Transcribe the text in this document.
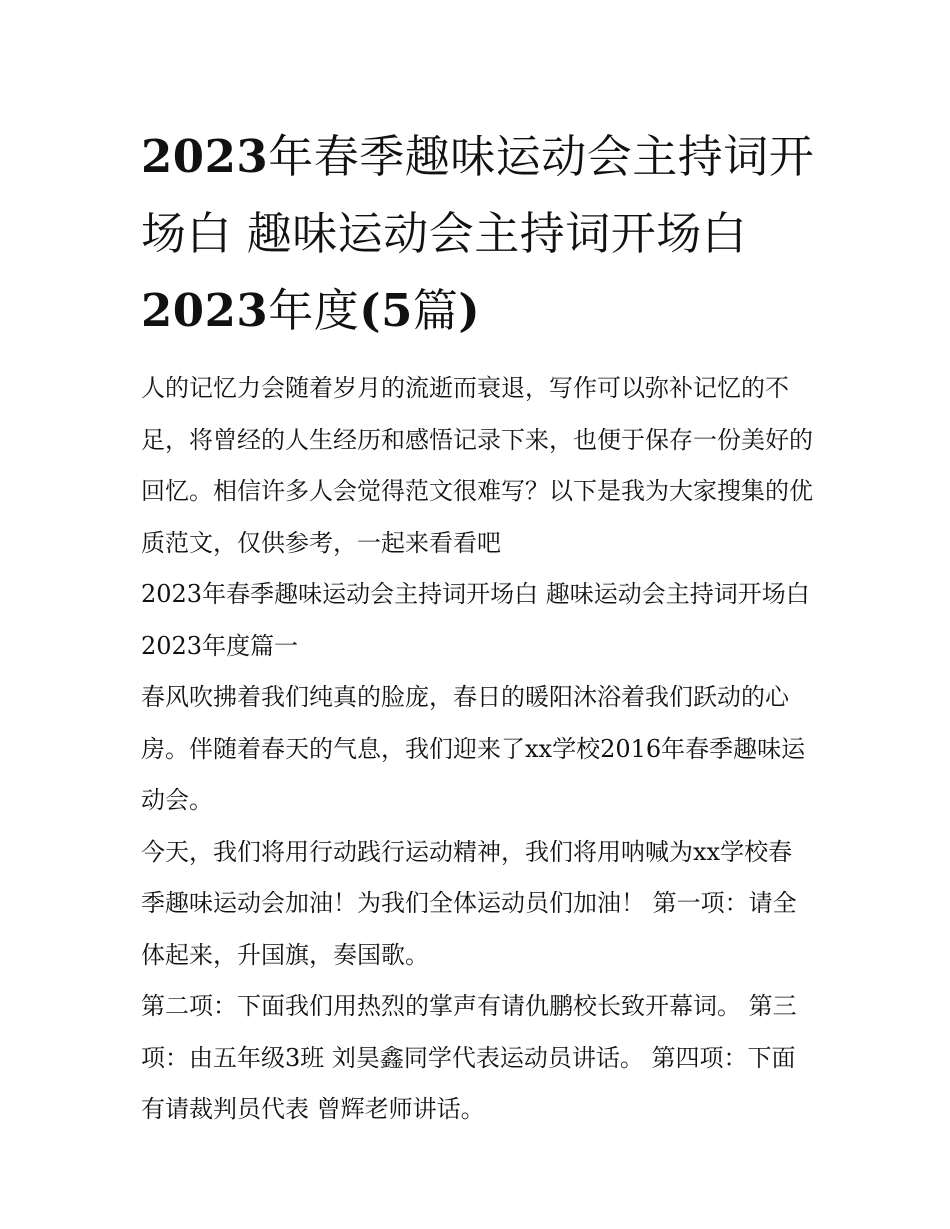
2023年春季趣味运动会主持词开场白 趣味运动会主持词开场白2023年度(5篇)

人的记忆力会随着岁月的流逝而衰退，写作可以弥补记忆的不足，将曾经的人生经历和感悟记录下来，也便于保存一份美好的回忆。相信许多人会觉得范文很难写？以下是我为大家搜集的优质范文，仅供参考，一起来看看吧

2023年春季趣味运动会主持词开场白 趣味运动会主持词开场白2023年度篇一

春风吹拂着我们纯真的脸庞，春日的暖阳沐浴着我们跃动的心房。伴随着春天的气息，我们迎来了xx学校2016年春季趣味运动会。

今天，我们将用行动践行运动精神，我们将用呐喊为xx学校春季趣味运动会加油！为我们全体运动员们加油！ 第一项：请全体起来，升国旗，奏国歌。

第二项：下面我们用热烈的掌声有请仇鹏校长致开幕词。 第三项：由五年级3班 刘昊鑫同学代表运动员讲话。 第四项：下面有请裁判员代表 曾辉老师讲话。
